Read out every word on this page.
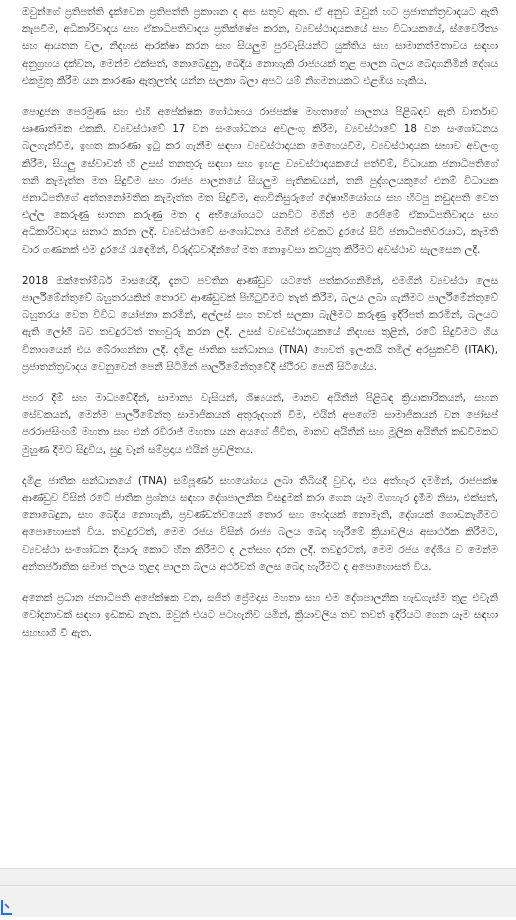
ඔවුන්ගේ ප්‍රතිපත්ති දැක්වෙන ප්‍රතිපත්ති ප්‍රකාශන ද අප සතුව ඇත. ඒ අනුව ඔවුන් හට ප්‍රජාතන්ත්‍රවාදයට ඇති කැපවීම, අධිකාරිවාදය සහ ඒකාධිපතිවාදය ප්‍රතික්ෂේප කරන, ව්‍යවස්ථාදායකයේ සහ විධායකයේ, ස්වෛරීත්‍ය සහ ආයතන වල, නිදහස ආරක්ෂා කරන සහ සියලුම පුරවැසියන්ට යුක්තිය සහ සාමානත්මතාවය සඳහා අනුග්‍රහය දක්වන, මෙන්ම එක්සත්, නොබෙදුනු, බෙදිය නොහැකි රාජ්‍යයක් තුළ පාලන බලය බෙදාගනිමින් දේශය එකමුතු කිරීම යන කාරණා ඇතුලත්ද යන්න සලකා බලා අපට යම් නිගමනයකට එළඹිය හැකිය.

පොදුජන පෙරමුණ සහ එහි අපේක්ෂක ගෝඨාභය රාජපක්ෂ මහතාගේ පාලනය පිළිබඳව ඇති වාර්තාව සෘණාත්මක එකකි. ව්‍යවස්ථාවේ 17 වන සංශෝධනය අවලංගු කිරීම, ව්‍යවස්ථාවේ 18 වන සංශෝධනය බලගැන්වීම, ඉහත කාරණා ඉටු කර ගැනීම සඳහා ව්‍යවස්ථාදායක මෙහෙයවීම, ව්‍යවස්ථාදායක සභාව අවලංගු කිරීම, සියලු සේවාවන් හි උසස් තනතුරු සඳහා සහ ඉහළ ව්‍යවස්ථාදායකයේ පත්වීම්, විධායක ජනාධිපතිගේ තනි කැමැත්ත මත සිදුවීම සහ රාජ්‍ය පාලනයේ සියලුම පැතිකඩයන්, තනි පුද්ගලයකුගේ එනම් විධායක ජනාධිපතිගේ අත්තනෝමතික කැමැත්ත මත සිදුවීම, අගවිනිසුරුගේ දෝෂාභියෝගය සහ හිටපු නඩුදපති වෙත එල්ල කෙරුණු ඝාතන කරුණු මත ද අභියෝගයට යනවිට මගින් එම රෙජිමේ ඒකාධිපතිවාදය සහ අධිකාරිවාදය සනාථ කරන ලදි. ව්‍යවස්ථාවේ සංශෝධනය මගින් එවකට දුරයේ සිටි ජනාධිපතිවරයාට, කැමති වාර ගණනක් එම දුරයේ රැඳෙමින්, විරුද්ධවාදීන්ගේ මත නොඉවසා කටයුතු කිරීමට අවස්ථාව සැලසෙන ලදී.

2018 ඔක්තෝම්බර් මාසයේදී, දැනට පවතින ආණ්ඩුව යටතේ පත්කරගනිමින්, එමගින් ව්‍යවස්ථා ලෙස පාර්ලිමේන්තුවේ බහුතරයකින් තොරව ආණ්ඩුවක් පිහිටුවීමට තැත් කිරීම, බලය ලබා ගැනීමට පාර්ලිමේන්තුවේ බහුතරය වෙත විවිධ යෝජනා කරමින්, අල්ලස් සහ තවත් සලකා බැලීමට කරුණු ඉදිරිපත් කරමින්, බලයට ඇති ලෝභී බව තවදුරටත් තහවුරු කරන ලදි. උසස් ව්‍යවස්ථාදායකයේ නිදහස තුළින්, රටේ සිදුවීමට ගිය විනාශයෙන් එය බේරාගන්නා ලදී. දමිළ ජාතික සන්ධානය (TNA) හෙවත් ඉලංකයි තමිල් අරසුකච්චි (ITAK), ප්‍රජාතන්ත්‍රවාදය වෙනුවෙන් පෙනී සිටිමින් පාර්ලිමේන්තුවේදී ස්ථිරව පෙනී සිටියේය.

පහර දීම් සහ මාධ්‍යවේදීන්, සාමාන්‍ය වැසියන්, ශිෂ්‍යයන්, මානව අයිතීන් පිළිබඳ ක්‍රියාකාරිකයන්, සහන සේවකයන්, මෙන්ම පාර්ලිමේන්තු සාමාජිකයන් අතුරුදහන් වීම, එයින් අපගේම සාමාජිකයන් වන ජෝසප් පරරාජසිංහම් මහතා සහ එන් රවිරාජ් මහතා යන අයගේ ජීවිත, මානව අයිතීන් සහ මූලික අයිතීන් කඩවීමකට මුහුණ දීමට සිදුවිය, සුදු වෑන් සම්ප්‍රදාය එයින් ප්‍රචලිතය.

දමිළ ජාතික සන්ධානයේ (TNA) සම්පූර්ණ සහයෝගය ලබා තිබියදී වුවද, එය අත්හැර දමමින්, රාජපක්ෂ ආණ්ඩුව විසින් රටේ ජාතික ප්‍රශ්නය සඳහා දේශපාලනික විසඳුමක් කරා ගෙන යෑම මගහැර දැමීම නිසා, එක්සත්, නොබෙදුන, සහ බෙදිය නොහැකි, ප්‍රවණ්ඩත්වයෙන් තොර සහ භේදයක් නොමැති, දේශයක් ගොඩනැගීමට අපොහොසත් විය. තවදුරටත්, මෙම රජය විසින් රාජ්‍ය බලය බෙදා හැරීමේ ක්‍රියාවලිය අසාර්ථක කිරීමට, ව්‍යවස්ථා සංශෝධන දියාරු කොට හීන කිරීමට ද උත්සහ දරන ලදී. තවදුරටත්, මෙම රජය දේශීය ව මෙන්ම අන්තර්ජාතික සමාජ තලය තුළද පාලන බලය අර්ථවත් ලෙස බෙදා හැරීමට ද අපොහොසත් විය.

අනෙක් ප්‍රධාන ජනාධිපති අපේක්ෂක වන, සජිත් ප්‍රේමදාස මහතා සහ එම දේශපාලනික හැඩගැස්ම තුළ එවැනි වෝදනාවක් සඳහා ඉඩකඩ නැත. ඔවුන් එයට පටහැනිව යමින්, ක්‍රියාවලිය තව තවත් ඉදිරියට ගෙන යෑම සඳහා සහභාගී වී ඇත.
